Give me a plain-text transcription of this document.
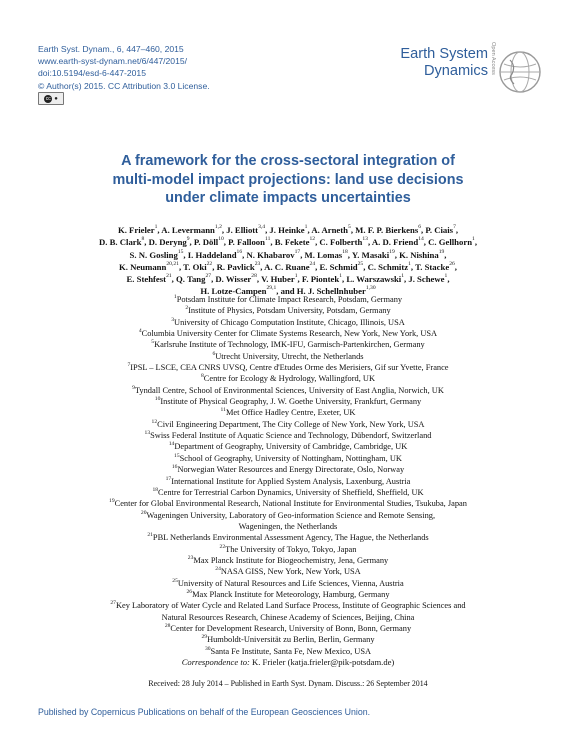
Earth Syst. Dynam., 6, 447–460, 2015
www.earth-syst-dynam.net/6/447/2015/
doi:10.5194/esd-6-447-2015
© Author(s) 2015. CC Attribution 3.0 License.
cc ●
Earth System
Dynamics Open Access
A framework for the cross-sectoral integration of
multi-model impact projections: land use decisions
under climate impacts uncertainties
K. Frieler$^1$, A. Levermann$^{1,2}$, J. Elliott$^{3,4}$, J. Heinke$^1$, A. Arneth$^5$, M. F. P. Bierkens$^6$, P. Ciais$^7$,
D. B. Clark$^8$, D. Deryng$^9$, P. Döll$^{10}$, P. Falloon$^{11}$, B. Fekete$^{12}$, C. Folberth$^{13}$, A. D. Friend$^{14}$, C. Gellhorn$^1$,
S. N. Gosling$^{15}$, I. Haddeland$^{16}$, N. Khabarov$^{17}$, M. Lomas$^{18}$, Y. Masaki$^{19}$, K. Nishina$^{19}$,
K. Neumann$^{20,21}$, T. Oki$^{22}$, R. Pavlick$^{23}$, A. C. Ruane$^{24}$, E. Schmid$^{25}$, C. Schmitz$^1$, T. Stacke$^{26}$,
E. Stehfest$^{21}$, Q. Tang$^{27}$, D. Wisser$^{28}$, V. Huber$^1$, F. Piontek$^1$, L. Warszawski$^1$, J. Schewe$^1$,
H. Lotze-Campen$^{29,1}$, and H. J. Schellnhuber$^{1,30}$
$^1$Potsdam Institute for Climate Impact Research, Potsdam, Germany
$^2$Institute of Physics, Potsdam University, Potsdam, Germany
$^3$University of Chicago Computation Institute, Chicago, Illinois, USA
$^4$Columbia University Center for Climate Systems Research, New York, New York, USA
$^5$Karlsruhe Institute of Technology, IMK-IFU, Garmisch-Partenkirchen, Germany
$^6$Utrecht University, Utrecht, the Netherlands
$^7$IPSL – LSCE, CEA CNRS UVSQ, Centre d'Etudes Orme des Merisiers, Gif sur Yvette, France
$^8$Centre for Ecology & Hydrology, Wallingford, UK
$^9$Tyndall Centre, School of Environmental Sciences, University of East Anglia, Norwich, UK
$^{10}$Institute of Physical Geography, J. W. Goethe University, Frankfurt, Germany
$^{11}$Met Office Hadley Centre, Exeter, UK
$^{12}$Civil Engineering Department, The City College of New York, New York, USA
$^{13}$Swiss Federal Institute of Aquatic Science and Technology, Dübendorf, Switzerland
$^{14}$Department of Geography, University of Cambridge, Cambridge, UK
$^{15}$School of Geography, University of Nottingham, Nottingham, UK
$^{16}$Norwegian Water Resources and Energy Directorate, Oslo, Norway
$^{17}$International Institute for Applied System Analysis, Laxenburg, Austria
$^{18}$Centre for Terrestrial Carbon Dynamics, University of Sheffield, Sheffield, UK
$^{19}$Center for Global Environmental Research, National Institute for Environmental Studies, Tsukuba, Japan
$^{20}$Wageningen University, Laboratory of Geo-information Science and Remote Sensing,
Wageningen, the Netherlands
$^{21}$PBL Netherlands Environmental Assessment Agency, The Hague, the Netherlands
$^{22}$The University of Tokyo, Tokyo, Japan
$^{23}$Max Planck Institute for Biogeochemistry, Jena, Germany
$^{24}$NASA GISS, New York, New York, USA
$^{25}$University of Natural Resources and Life Sciences, Vienna, Austria
$^{26}$Max Planck Institute for Meteorology, Hamburg, Germany
$^{27}$Key Laboratory of Water Cycle and Related Land Surface Process, Institute of Geographic Sciences and
Natural Resources Research, Chinese Academy of Sciences, Beijing, China
$^{28}$Center for Development Research, University of Bonn, Bonn, Germany
$^{29}$Humboldt-Universität zu Berlin, Berlin, Germany
$^{30}$Santa Fe Institute, Santa Fe, New Mexico, USA
Correspondence to: K. Frieler (katja.frieler@pik-potsdam.de)
Received: 28 July 2014 – Published in Earth Syst. Dynam. Discuss.: 26 September 2014
Published by Copernicus Publications on behalf of the European Geosciences Union.
